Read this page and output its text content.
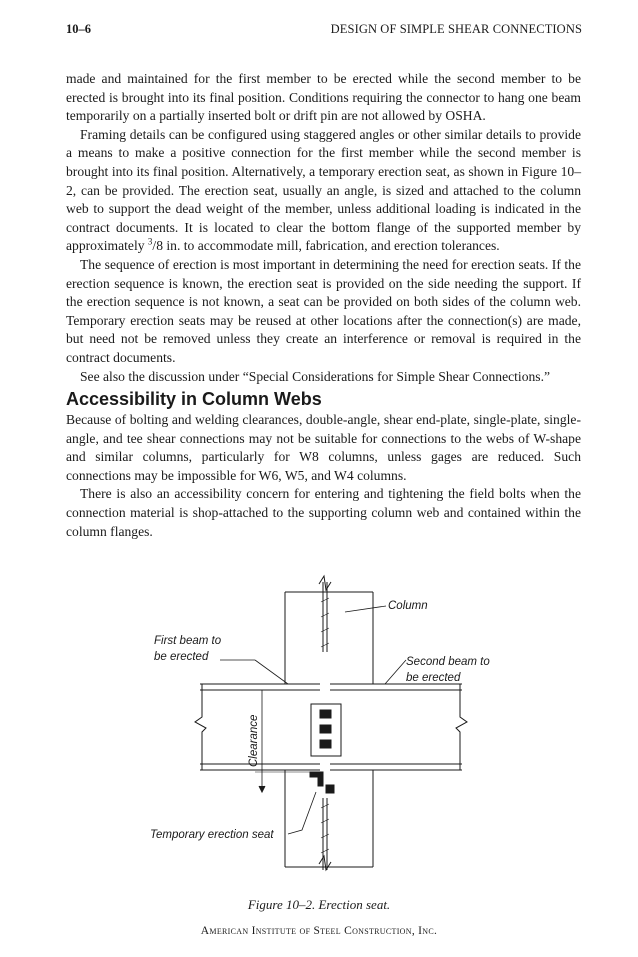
10–6	DESIGN OF SIMPLE SHEAR CONNECTIONS

made and maintained for the first member to be erected while the second member to be erected is brought into its final position. Conditions requiring the connector to hang one beam temporarily on a partially inserted bolt or drift pin are not allowed by OSHA.

Framing details can be configured using staggered angles or other similar details to provide a means to make a positive connection for the first member while the second member is brought into its final position. Alternatively, a temporary erection seat, as shown in Figure 10–2, can be provided. The erection seat, usually an angle, is sized and attached to the column web to support the dead weight of the member, unless additional loading is indicated in the contract documents. It is located to clear the bottom flange of the supported member by approximately $^3$/8 in. to accommodate mill, fabrication, and erection tolerances.

The sequence of erection is most important in determining the need for erection seats. If the erection sequence is known, the erection seat is provided on the side needing the support. If the erection sequence is not known, a seat can be provided on both sides of the column web. Temporary erection seats may be reused at other locations after the connection(s) are made, but need not be removed unless they create an interference or removal is required in the contract documents.

See also the discussion under “Special Considerations for Simple Shear Connections.”

Accessibility in Column Webs

Because of bolting and welding clearances, double-angle, shear end-plate, single-plate, single-angle, and tee shear connections may not be suitable for connections to the webs of W-shape and similar columns, particularly for W8 columns, unless gages are reduced. Such connections may be impossible for W6, W5, and W4 columns.

There is also an accessibility concern for entering and tightening the field bolts when the connection material is shop-attached to the supporting column web and contained within the column flanges.

Column
First beam to
be erected	Second beam to
be erected
Clearance
Temporary erection seat
Figure 10–2. Erection seat.
American Institute of Steel Construction, Inc.
